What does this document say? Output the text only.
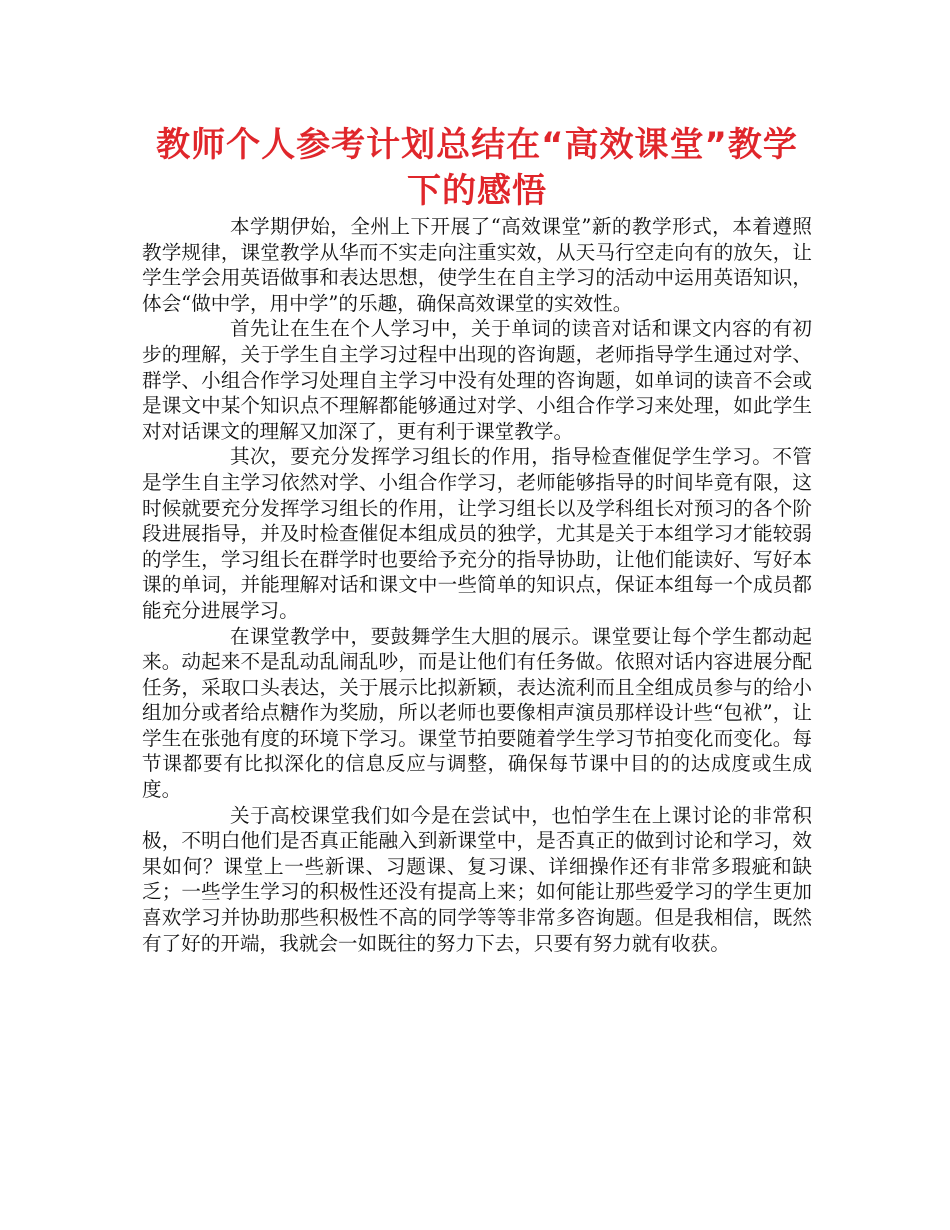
教师个人参考计划总结在“高效课堂”教学下的感悟

本学期伊始，全州上下开展了“高效课堂”新的教学形式，本着遵照教学规律，课堂教学从华而不实走向注重实效，从天马行空走向有的放矢，让学生学会用英语做事和表达思想，使学生在自主学习的活动中运用英语知识，体会“做中学，用中学”的乐趣，确保高效课堂的实效性。

首先让在生在个人学习中，关于单词的读音对话和课文内容的有初步的理解，关于学生自主学习过程中出现的咨询题，老师指导学生通过对学、群学、小组合作学习处理自主学习中没有处理的咨询题，如单词的读音不会或是课文中某个知识点不理解都能够通过对学、小组合作学习来处理，如此学生对对话课文的理解又加深了，更有利于课堂教学。

其次，要充分发挥学习组长的作用，指导检查催促学生学习。不管是学生自主学习依然对学、小组合作学习，老师能够指导的时间毕竟有限，这时候就要充分发挥学习组长的作用，让学习组长以及学科组长对预习的各个阶段进展指导，并及时检查催促本组成员的独学，尤其是关于本组学习才能较弱的学生，学习组长在群学时也要给予充分的指导协助，让他们能读好、写好本课的单词，并能理解对话和课文中一些简单的知识点，保证本组每一个成员都能充分进展学习。

在课堂教学中，要鼓舞学生大胆的展示。课堂要让每个学生都动起来。动起来不是乱动乱闹乱吵，而是让他们有任务做。依照对话内容进展分配任务，采取口头表达，关于展示比拟新颖，表达流利而且全组成员参与的给小组加分或者给点糖作为奖励，所以老师也要像相声演员那样设计些“包袱”，让学生在张弛有度的环境下学习。课堂节拍要随着学生学习节拍变化而变化。每节课都要有比拟深化的信息反应与调整，确保每节课中目的的达成度或生成度。

关于高校课堂我们如今是在尝试中，也怕学生在上课讨论的非常积极，不明白他们是否真正能融入到新课堂中，是否真正的做到讨论和学习，效果如何？课堂上一些新课、习题课、复习课、详细操作还有非常多瑕疵和缺乏；一些学生学习的积极性还没有提高上来；如何能让那些爱学习的学生更加喜欢学习并协助那些积极性不高的同学等等非常多咨询题。但是我相信，既然有了好的开端，我就会一如既往的努力下去，只要有努力就有收获。
